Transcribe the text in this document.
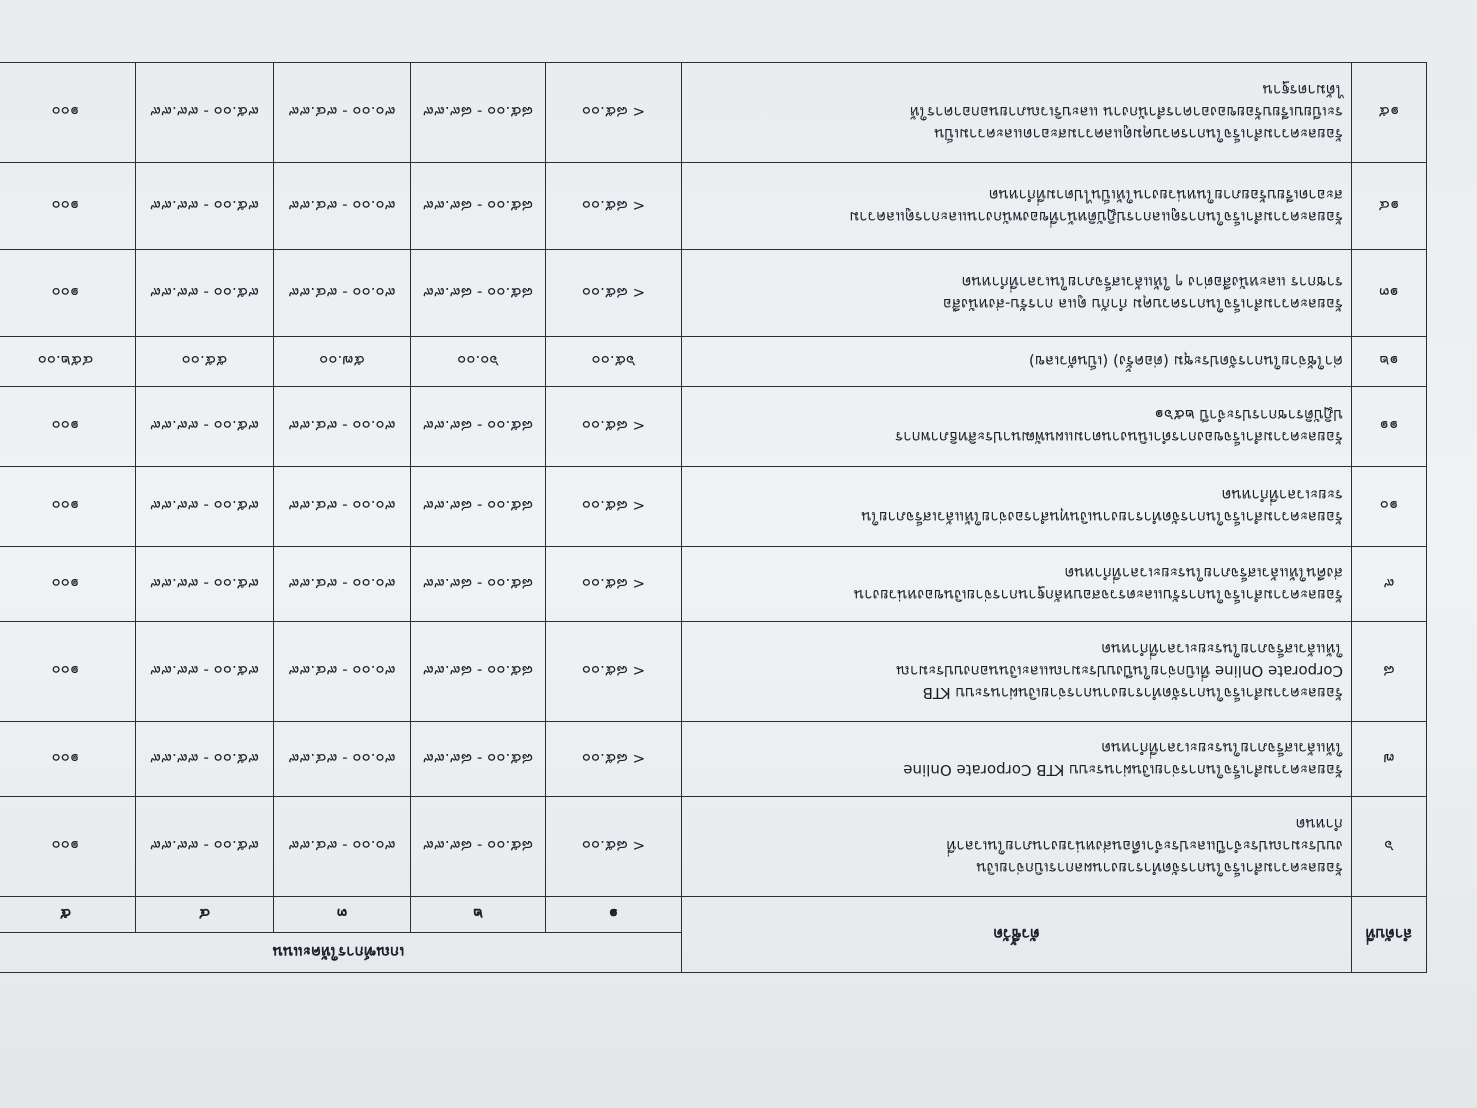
ลำดับที่	ตัวชี้วัด	เกณฑ์การให้คะแนน	

		๑	๒	๓	๔	๕	
๖	ร้อยละความสำเร็จในการจัดทำรายงานผลการเบิกจ่ายเงิน
งบประมาณประจำปีและประจำเดือนส่งหน่วยงานภายในเวลาที่
กำหนด	< ๘๕.๐๐	๘๕.๐๐ - ๘๙.๙๙	๙๐.๐๐ - ๙๔.๙๙	๙๕.๐๐ - ๙๙.๙๙	๑๐๐	
๗	ร้อยละความสำเร็จในการจ่ายเงินผ่านระบบ KTB Corporate Online
ให้แล้วเสร็จภายในระยะเวลาที่กำหนด	< ๘๕.๐๐	๘๕.๐๐ - ๘๙.๙๙	๙๐.๐๐ - ๙๔.๙๙	๙๕.๐๐ - ๙๙.๙๙	๑๐๐	
๘	ร้อยละความสำเร็จในการจัดทำรายงานการจ่ายเงินผ่านระบบ KTB
Corporate Online ที่เบิกจ่ายในปีงบประมาณและเงินนอกงบประมาณ
ให้แล้วเสร็จภายในระยะเวลาที่กำหนด	< ๘๕.๐๐	๘๕.๐๐ - ๘๙.๙๙	๙๐.๐๐ - ๙๔.๙๙	๙๕.๐๐ - ๙๙.๙๙	๑๐๐	
๙	ร้อยละความสำเร็จในการรับและตรวจสอบหลักฐานการจ่ายเงินของหน่วยงาน
ส่งคืนให้แล้วเสร็จภายในระยะเวลาที่กำหนด	< ๘๕.๐๐	๘๕.๐๐ - ๘๙.๙๙	๙๐.๐๐ - ๙๔.๙๙	๙๕.๐๐ - ๙๙.๙๙	๑๐๐	
๑๐	ร้อยละความสำเร็จในการจัดทำรายงานเงินทุนสำรองจ่ายให้แล้วเสร็จภายใน
ระยะเวลาที่กำหนด	< ๘๕.๐๐	๘๕.๐๐ - ๘๙.๙๙	๙๐.๐๐ - ๙๔.๙๙	๙๕.๐๐ - ๙๙.๙๙	๑๐๐	
๑๑	ร้อยละความสำเร็จของการดำเนินงานตามแผนพัฒนาประสิทธิภาพการ
ปฏิบัติราชการประจำปี ๒๕๖๑	< ๘๕.๐๐	๘๕.๐๐ - ๘๙.๙๙	๙๐.๐๐ - ๙๔.๙๙	๙๕.๐๐ - ๙๙.๙๙	๑๐๐	
๑๒	ค่าใช้จ่ายในการจัดประชุม (ต่อครั้ง) (เป็นตัวเลข)	๖๕.๐๐	๖๐.๐๐	๕๗.๐๐	๕๕.๐๐	๔๕๒.๐๐	
๑๓	ร้อยละความสำเร็จในการควบคุม กำกับ ดูแล การรับ-ส่งหนังสือ
ราชการ และหนังสือต่าง ๆ ให้แล้วเสร็จภายในเวลาที่กำหนด	< ๘๕.๐๐	๘๕.๐๐ - ๘๙.๙๙	๙๐.๐๐ - ๙๔.๙๙	๙๕.๐๐ - ๙๙.๙๙	๑๐๐	
๑๔	ร้อยละความสำเร็จในการดูแลการปฏิบัติหน้าที่ของพนักงานและการดูแลความ
สะอาดเรียบร้อยภายในหน่วยงานให้เป็นไปตามที่กำหนด	< ๘๕.๐๐	๘๕.๐๐ - ๘๙.๙๙	๙๐.๐๐ - ๙๔.๙๙	๙๕.๐๐ - ๙๙.๙๙	๑๐๐	
๑๕	ร้อยละความสำเร็จในการควบคุมดูแลความสะอาดและความเป็น
ระเบียบเรียบร้อยของอาคารสำนักงาน และบริเวณภายนอกอาคารให้
ได้มาตรฐาน	< ๘๕.๐๐	๘๕.๐๐ - ๘๙.๙๙	๙๐.๐๐ - ๙๔.๙๙	๙๕.๐๐ - ๙๙.๙๙	๑๐๐	
